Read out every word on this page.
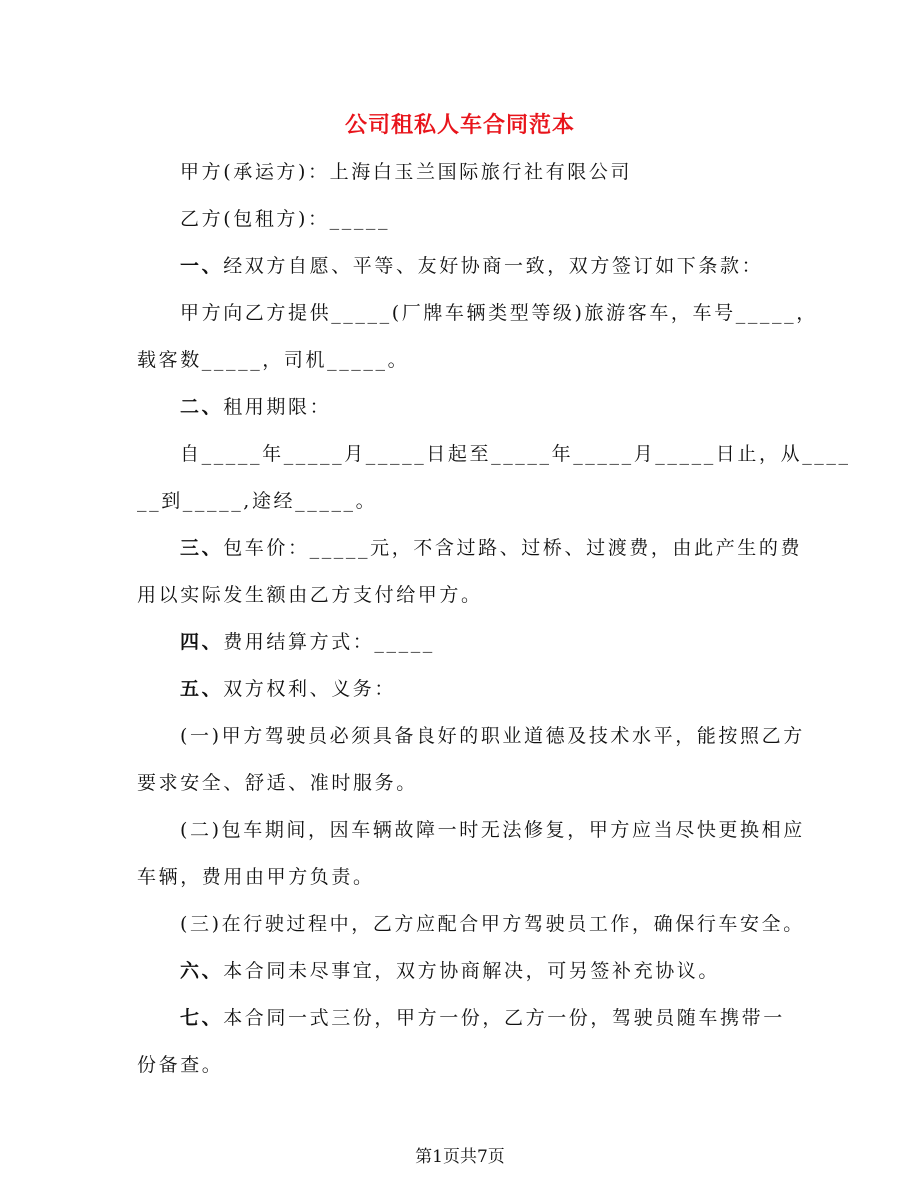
公司租私人车合同范本
甲方(承运方)：上海白玉兰国际旅行社有限公司
乙方(包租方)：_____
一、经双方自愿、平等、友好协商一致，双方签订如下条款：
甲方向乙方提供_____(厂牌车辆类型等级)旅游客车，车号_____，
载客数_____，司机_____。
二、租用期限：
自_____年_____月_____日起至_____年_____月_____日止，从____
__到_____,途经_____。
三、包车价：_____元，不含过路、过桥、过渡费，由此产生的费
用以实际发生额由乙方支付给甲方。
四、费用结算方式：_____
五、双方权利、义务：
(一)甲方驾驶员必须具备良好的职业道德及技术水平，能按照乙方
要求安全、舒适、准时服务。
(二)包车期间，因车辆故障一时无法修复，甲方应当尽快更换相应
车辆，费用由甲方负责。
(三)在行驶过程中，乙方应配合甲方驾驶员工作，确保行车安全。
六、本合同未尽事宜，双方协商解决，可另签补充协议。
七、本合同一式三份，甲方一份，乙方一份，驾驶员随车携带一
份备查。
第1页共7页
